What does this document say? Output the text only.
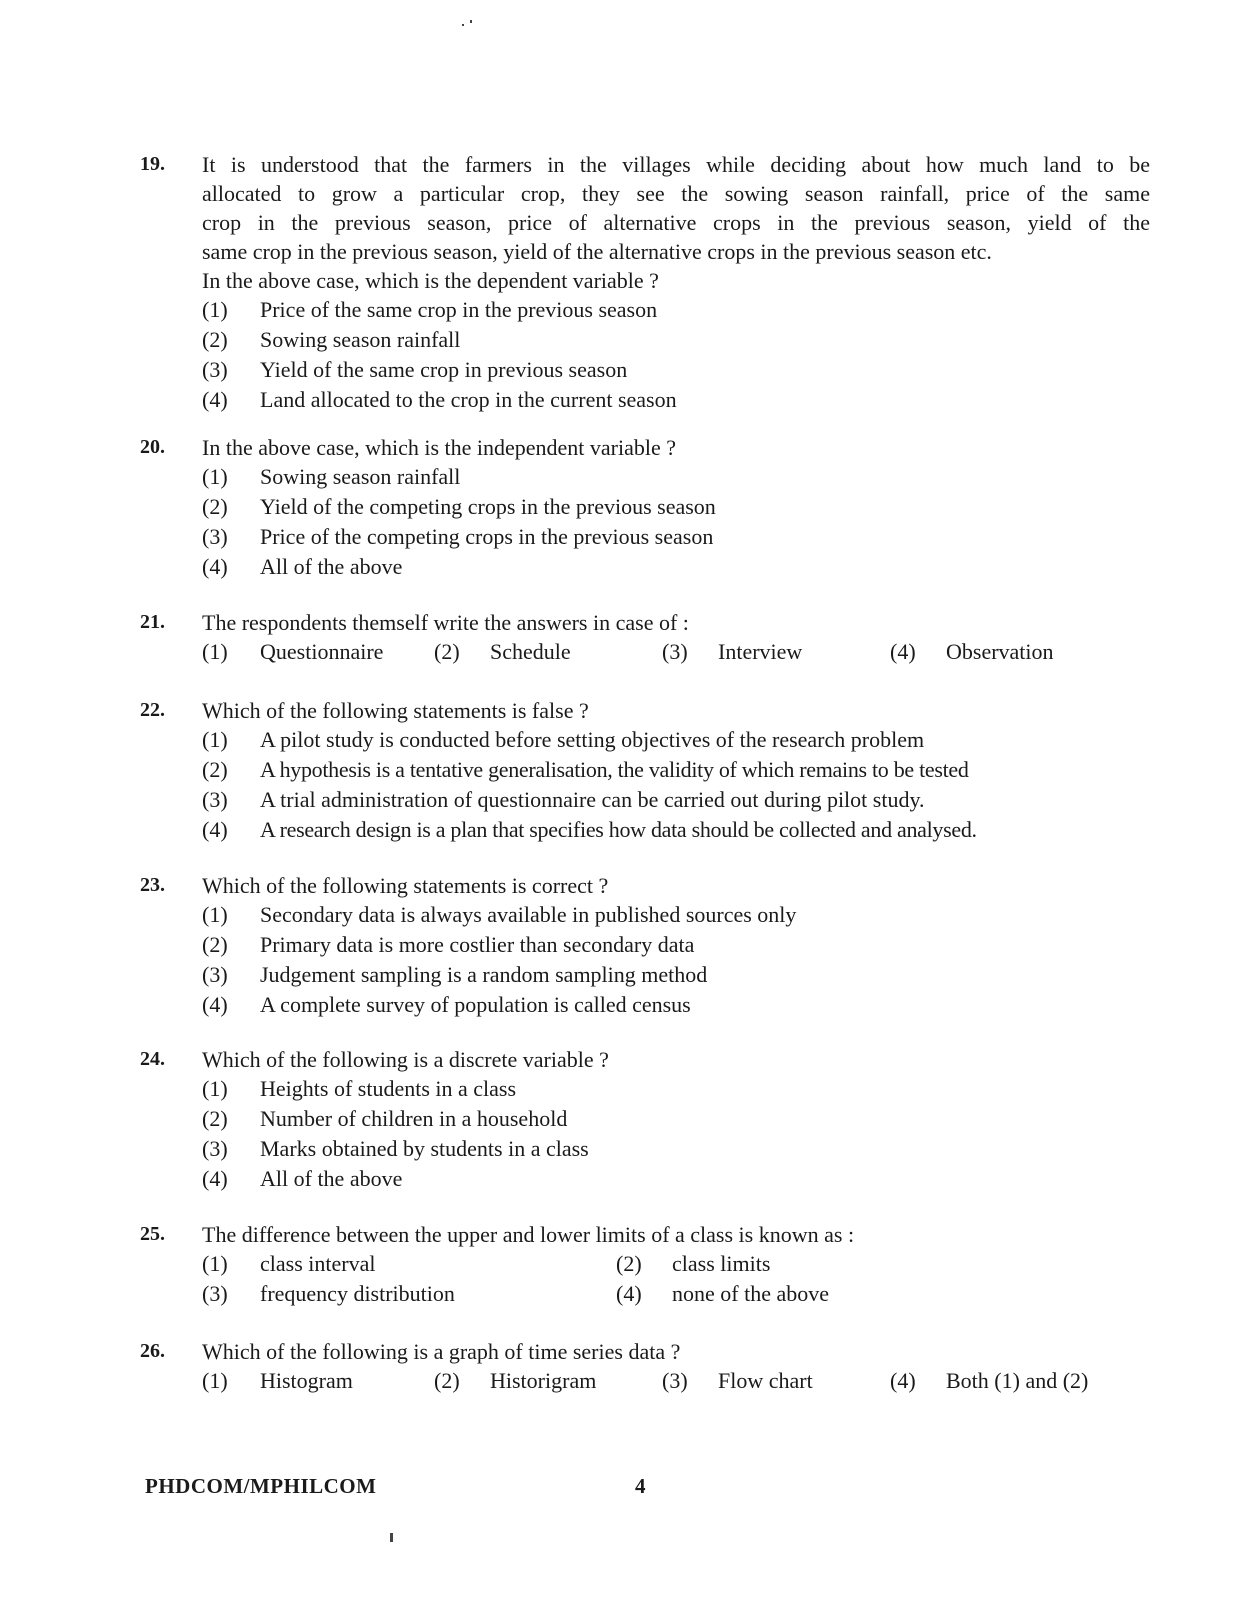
19. It is understood that the farmers in the villages while deciding about how much land to be
allocated to grow a particular crop, they see the sowing season rainfall, price of the same
crop in the previous season, price of alternative crops in the previous season, yield of the
same crop in the previous season, yield of the alternative crops in the previous season etc.
In the above case, which is the dependent variable ?
(1) Price of the same crop in the previous season
(2) Sowing season rainfall
(3) Yield of the same crop in previous season
(4) Land allocated to the crop in the current season
20. In the above case, which is the independent variable ?
(1) Sowing season rainfall
(2) Yield of the competing crops in the previous season
(3) Price of the competing crops in the previous season
(4) All of the above
21. The respondents themself write the answers in case of :
(1) Questionnaire (2) Schedule	(3) Interview	(4) Observation
22. Which of the following statements is false ?
(1) A pilot study is conducted before setting objectives of the research problem
(2) A hypothesis is a tentative generalisation, the validity of which remains to be tested
(3) A trial administration of questionnaire can be carried out during pilot study.
(4) A research design is a plan that specifies how data should be collected and analysed.
23. Which of the following statements is correct ?
(1) Secondary data is always available in published sources only
(2) Primary data is more costlier than secondary data
(3) Judgement sampling is a random sampling method
(4) A complete survey of population is called census
24. Which of the following is a discrete variable ?
(1) Heights of students in a class
(2) Number of children in a household
(3) Marks obtained by students in a class
(4) All of the above
25. The difference between the upper and lower limits of a class is known as :
(1) class interval	(2) class limits
(3) frequency distribution	(4) none of the above
26. Which of the following is a graph of time series data ?
(1) Histogram	(2) Historigram	(3) Flow chart	(4) Both (1) and (2)
PHDCOM/MPHILCOM	4
